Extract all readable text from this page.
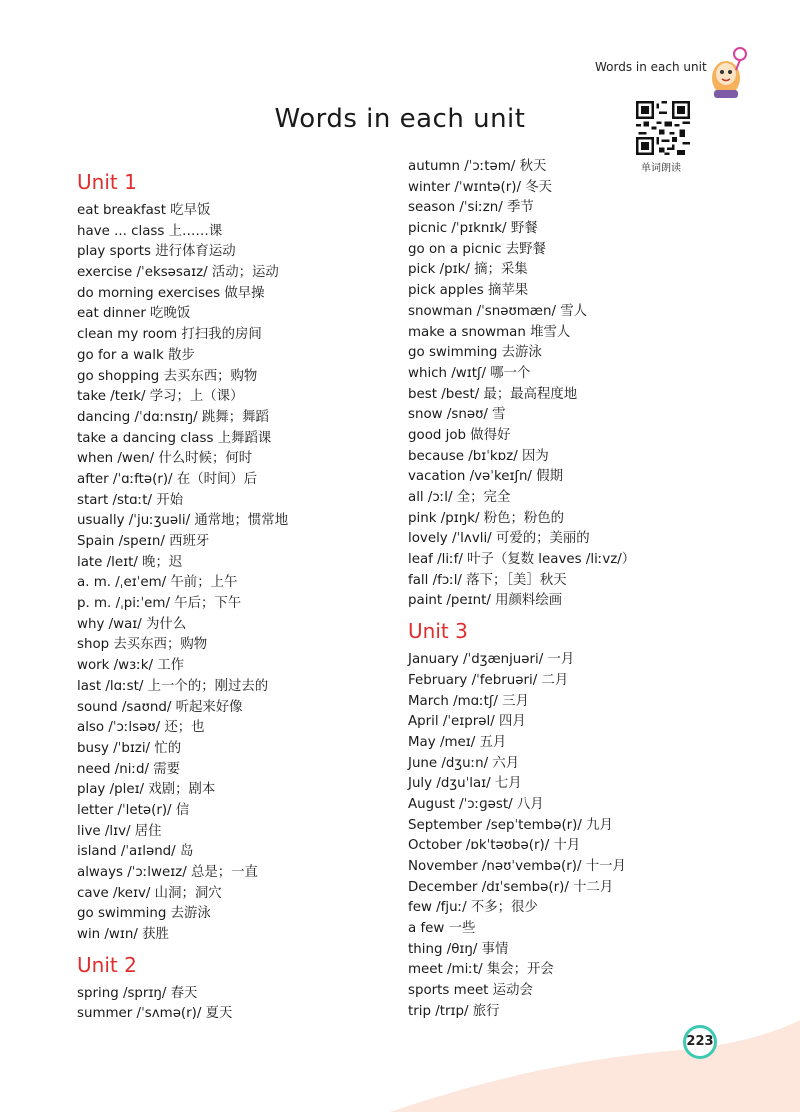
Words in each unit
Words in each unit
单词朗读
Unit 1
eat breakfast 吃早饭
have ... class 上……课
play sports 进行体育运动
exercise /ˈeksəsaɪz/ 活动；运动
do morning exercises 做早操
eat dinner 吃晚饭
clean my room 打扫我的房间
go for a walk 散步
go shopping 去买东西；购物
take /teɪk/ 学习；上（课）
dancing /ˈdɑːnsɪŋ/ 跳舞；舞蹈
take a dancing class 上舞蹈课
when /wen/ 什么时候；何时
after /ˈɑːftə(r)/ 在（时间）后
start /stɑːt/ 开始
usually /ˈjuːʒuəli/ 通常地；惯常地
Spain /speɪn/ 西班牙
late /leɪt/ 晚；迟
a. m. /ˌeɪˈem/ 午前；上午
p. m. /ˌpiːˈem/ 午后；下午
why /waɪ/ 为什么
shop 去买东西；购物
work /wɜːk/ 工作
last /lɑːst/ 上一个的；刚过去的
sound /saʊnd/ 听起来好像
also /ˈɔːlsəʊ/ 还；也
busy /ˈbɪzi/ 忙的
need /niːd/ 需要
play /pleɪ/ 戏剧；剧本
letter /ˈletə(r)/ 信
live /lɪv/ 居住
island /ˈaɪlənd/ 岛
always /ˈɔːlweɪz/ 总是；一直
cave /keɪv/ 山洞；洞穴
go swimming 去游泳
win /wɪn/ 获胜
Unit 2
spring /sprɪŋ/ 春天
summer /ˈsʌmə(r)/ 夏天
autumn /ˈɔːtəm/ 秋天
winter /ˈwɪntə(r)/ 冬天
season /ˈsiːzn/ 季节
picnic /ˈpɪknɪk/ 野餐
go on a picnic 去野餐
pick /pɪk/ 摘；采集
pick apples 摘苹果
snowman /ˈsnəʊmæn/ 雪人
make a snowman 堆雪人
go swimming 去游泳
which /wɪtʃ/ 哪一个
best /best/ 最；最高程度地
snow /snəʊ/ 雪
good job 做得好
because /bɪˈkɒz/ 因为
vacation /vəˈkeɪʃn/ 假期
all /ɔːl/ 全；完全
pink /pɪŋk/ 粉色；粉色的
lovely /ˈlʌvli/ 可爱的；美丽的
leaf /liːf/ 叶子（复数 leaves /liːvz/）
fall /fɔːl/ 落下；［美］秋天
paint /peɪnt/ 用颜料绘画
Unit 3
January /ˈdʒænjuəri/ 一月
February /ˈfebruəri/ 二月
March /mɑːtʃ/ 三月
April /ˈeɪprəl/ 四月
May /meɪ/ 五月
June /dʒuːn/ 六月
July /dʒuˈlaɪ/ 七月
August /ˈɔːɡəst/ 八月
September /sepˈtembə(r)/ 九月
October /ɒkˈtəʊbə(r)/ 十月
November /nəʊˈvembə(r)/ 十一月
December /dɪˈsembə(r)/ 十二月
few /fjuː/ 不多；很少
a few 一些
thing /θɪŋ/ 事情
meet /miːt/ 集会；开会
sports meet 运动会
trip /trɪp/ 旅行
223
